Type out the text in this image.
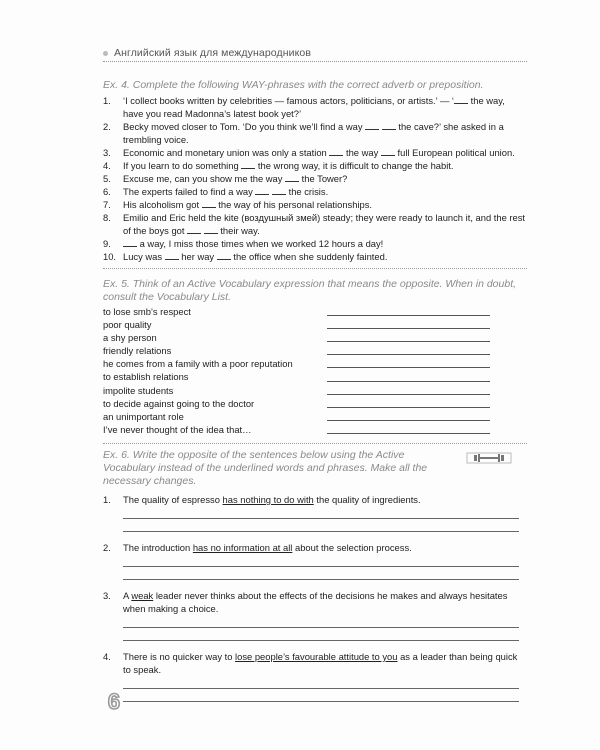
Английский язык для международников
Ex. 4. Complete the following WAY-phrases with the correct adverb or preposition.
1. ‘I collect books written by celebrities — famous actors, politicians, or artists.’ — ‘ the way, have you read Madonna’s latest book yet?’
2. Becky moved closer to Tom. ‘Do you think we’ll find a way	the cave?’ she asked in a trembling voice.
3. Economic and monetary union was only a station  the way  full European political union.
4. If you learn to do something  the wrong way, it is difficult to change the habit.
5. Excuse me, can you show me the way  the Tower?
6. The experts failed to find a way	the crisis.
7. His alcoholism got  the way of his personal relationships.
8. Emilio and Eric held the kite (воздушный змей) steady; they were ready to launch it, and the rest of the boys got	their way.
9.	a way, I miss those times when we worked 12 hours a day!
10. Lucy was  her way  the office when she suddenly fainted.
Ex. 5. Think of an Active Vocabulary expression that means the opposite. When in doubt, consult the Vocabulary List.
to lose smb’s respect
poor quality
a shy person
friendly relations
he comes from a family with a poor reputation
to establish relations
impolite students
to decide against going to the doctor
an unimportant role
I’ve never thought of the idea that…
Ex. 6. Write the opposite of the sentences below using the Active Vocabulary instead of the underlined words and phrases. Make all the necessary changes.
1. The quality of espresso has nothing to do with the quality of ingredients.
2. The introduction has no information at all about the selection process.
3. A weak leader never thinks about the effects of the decisions he makes and always hesitates when making a choice.
4. There is no quicker way to lose people’s favourable attitude to you as a leader than being quick to speak.
6
